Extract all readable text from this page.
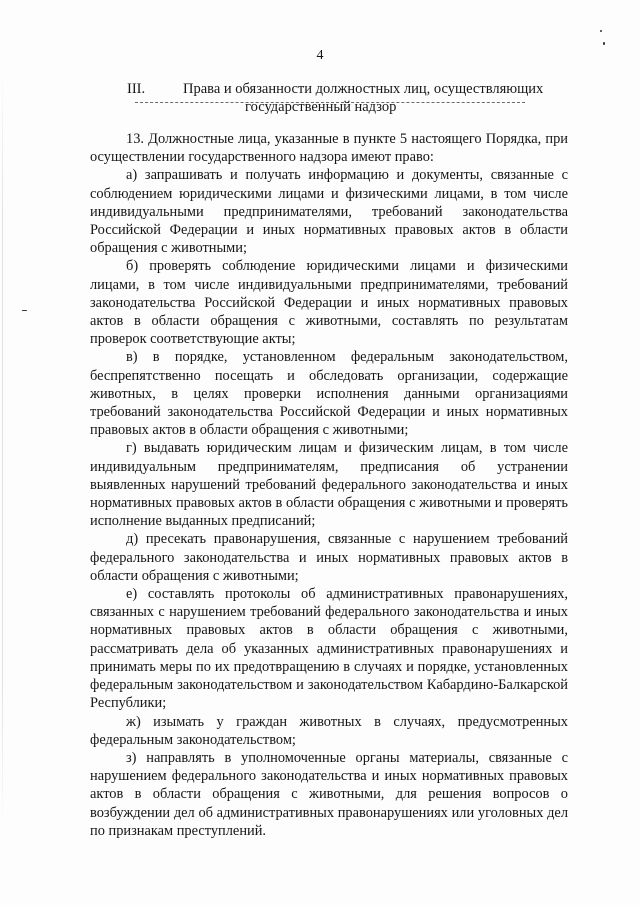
4
III.	Права и обязанности должностных лиц, осуществляющих
государственный надзор

13. Должностные лица, указанные в пункте 5 настоящего Порядка, при осуществлении государственного надзора имеют право:

а) запрашивать и получать информацию и документы, связанные с соблюдением юридическими лицами и физическими лицами, в том числе индивидуальными предпринимателями, требований законодательства Российской Федерации и иных нормативных правовых актов в области обращения с животными;

б) проверять соблюдение юридическими лицами и физическими лицами, в том числе индивидуальными предпринимателями, требований законодательства Российской Федерации и иных нормативных правовых актов в области обращения с животными, составлять по результатам проверок соответствующие акты;

в) в порядке, установленном федеральным законодательством, беспрепятственно посещать и обследовать организации, содержащие животных, в целях проверки исполнения данными организациями требований законодательства Российской Федерации и иных нормативных правовых актов в области обращения с животными;

г) выдавать юридическим лицам и физическим лицам, в том числе индивидуальным предпринимателям, предписания об устранении выявленных нарушений требований федерального законодательства и иных нормативных правовых актов в области обращения с животными и проверять исполнение выданных предписаний;

д) пресекать правонарушения, связанные с нарушением требований федерального законодательства и иных нормативных правовых актов в области обращения с животными;

е) составлять протоколы об административных правонарушениях, связанных с нарушением требований федерального законодательства и иных нормативных правовых актов в области обращения с животными, рассматривать дела об указанных административных правонарушениях и принимать меры по их предотвращению в случаях и порядке, установленных федеральным законодательством и законодательством Кабардино-Балкарской Республики;

ж) изымать у граждан животных в случаях, предусмотренных федеральным законодательством;

з) направлять в уполномоченные органы материалы, связанные с нарушением федерального законодательства и иных нормативных правовых актов в области обращения с животными, для решения вопросов о возбуждении дел об административных правонарушениях или уголовных дел по признакам преступлений.
